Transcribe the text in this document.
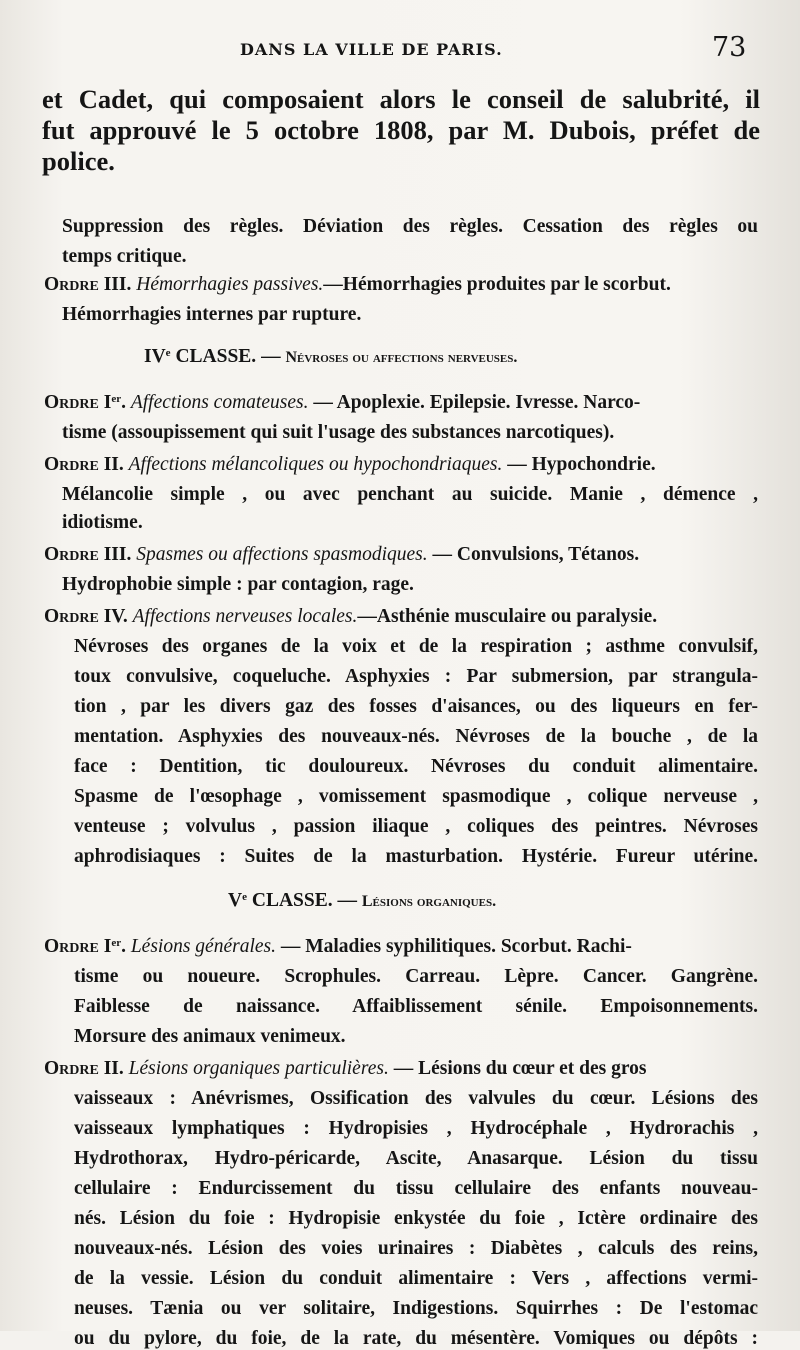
DANS LA VILLE DE PARIS.	73
et Cadet, qui composaient alors le conseil de salubrité, il
fut approuvé le 5 octobre 1808, par M. Dubois, préfet de
police.
Suppression des règles. Déviation des règles. Cessation des règles ou
temps critique.
Ordre III. Hémorrhagies passives.—Hémorrhagies produites par le scorbut.
Hémorrhagies internes par rupture.
IVe CLASSE. — Névroses ou affections nerveuses.
Ordre Ier. Affections comateuses. — Apoplexie. Epilepsie. Ivresse. Narco-
tisme (assoupissement qui suit l'usage des substances narcotiques).
Ordre II. Affections mélancoliques ou hypochondriaques. — Hypochondrie.
Mélancolie simple , ou avec penchant au suicide. Manie , démence ,
idiotisme.
Ordre III. Spasmes ou affections spasmodiques. — Convulsions, Tétanos.
Hydrophobie simple : par contagion, rage.
Ordre IV. Affections nerveuses locales.—Asthénie musculaire ou paralysie.
Névroses des organes de la voix et de la respiration ; asthme convulsif,
toux convulsive, coqueluche. Asphyxies : Par submersion, par strangula-
tion , par les divers gaz des fosses d'aisances, ou des liqueurs en fer-
mentation. Asphyxies des nouveaux-nés. Névroses de la bouche , de la
face : Dentition, tic douloureux. Névroses du conduit alimentaire.
Spasme de l'œsophage , vomissement spasmodique , colique nerveuse ,
venteuse ; volvulus , passion iliaque , coliques des peintres. Névroses
aphrodisiaques : Suites de la masturbation. Hystérie. Fureur utérine.
Ve CLASSE. — Lésions organiques.
Ordre Ier. Lésions générales. — Maladies syphilitiques. Scorbut. Rachi-
tisme ou noueure. Scrophules. Carreau. Lèpre. Cancer. Gangrène.
Faiblesse de naissance. Affaiblissement sénile. Empoisonnements.
Morsure des animaux venimeux.
Ordre II. Lésions organiques particulières. — Lésions du cœur et des gros
vaisseaux : Anévrismes, Ossification des valvules du cœur. Lésions des
vaisseaux lymphatiques : Hydropisies , Hydrocéphale , Hydrorachis ,
Hydrothorax, Hydro-péricarde, Ascite, Anasarque. Lésion du tissu
cellulaire : Endurcissement du tissu cellulaire des enfants nouveau-
nés. Lésion du foie : Hydropisie enkystée du foie , Ictère ordinaire des
nouveaux-nés. Lésion des voies urinaires : Diabètes , calculs des reins,
de la vessie. Lésion du conduit alimentaire : Vers , affections vermi-
neuses. Tænia ou ver solitaire, Indigestions. Squirrhes : De l'estomac
ou du pylore, du foie, de la rate, du mésentère. Vomiques ou dépôts :
